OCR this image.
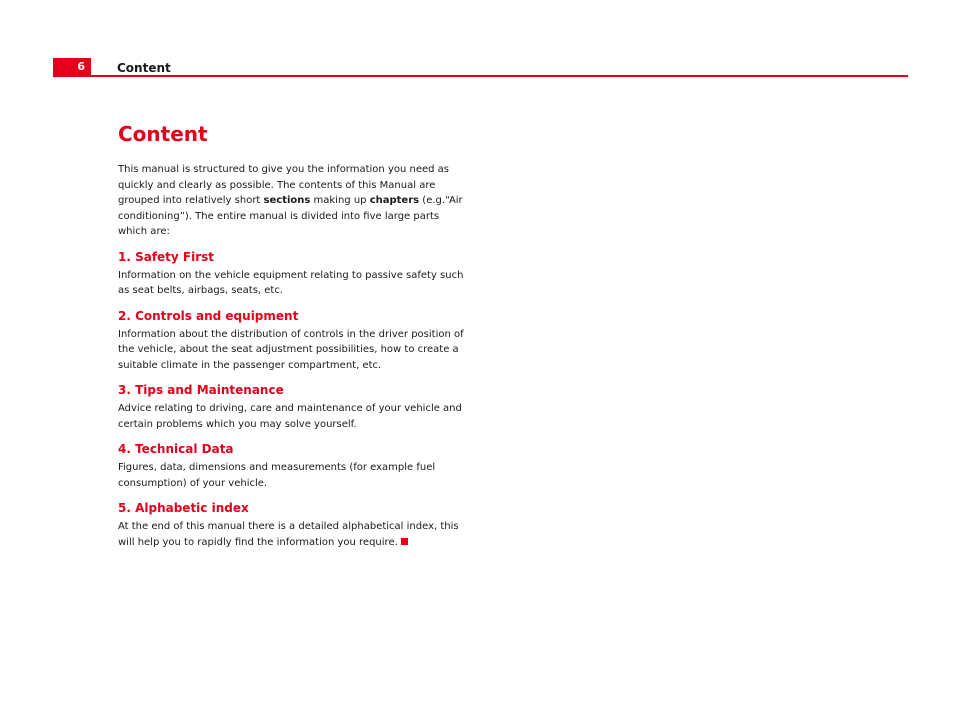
6	Content
Content

This manual is structured to give you the information you need as quickly and clearly as possible. The contents of this Manual are grouped into relatively short sections making up chapters (e.g.“Air conditioning”). The entire manual is divided into five large parts which are:

1. Safety First

Information on the vehicle equipment relating to passive safety such as seat belts, airbags, seats, etc.

2. Controls and equipment

Information about the distribution of controls in the driver position of the vehicle, about the seat adjustment possibilities, how to create a suitable climate in the passenger compartment, etc.

3. Tips and Maintenance

Advice relating to driving, care and maintenance of your vehicle and certain problems which you may solve yourself.

4. Technical Data

Figures, data, dimensions and measurements (for example fuel consumption) of your vehicle.

5. Alphabetic index

At the end of this manual there is a detailed alphabetical index, this will help you to rapidly find the information you require.
